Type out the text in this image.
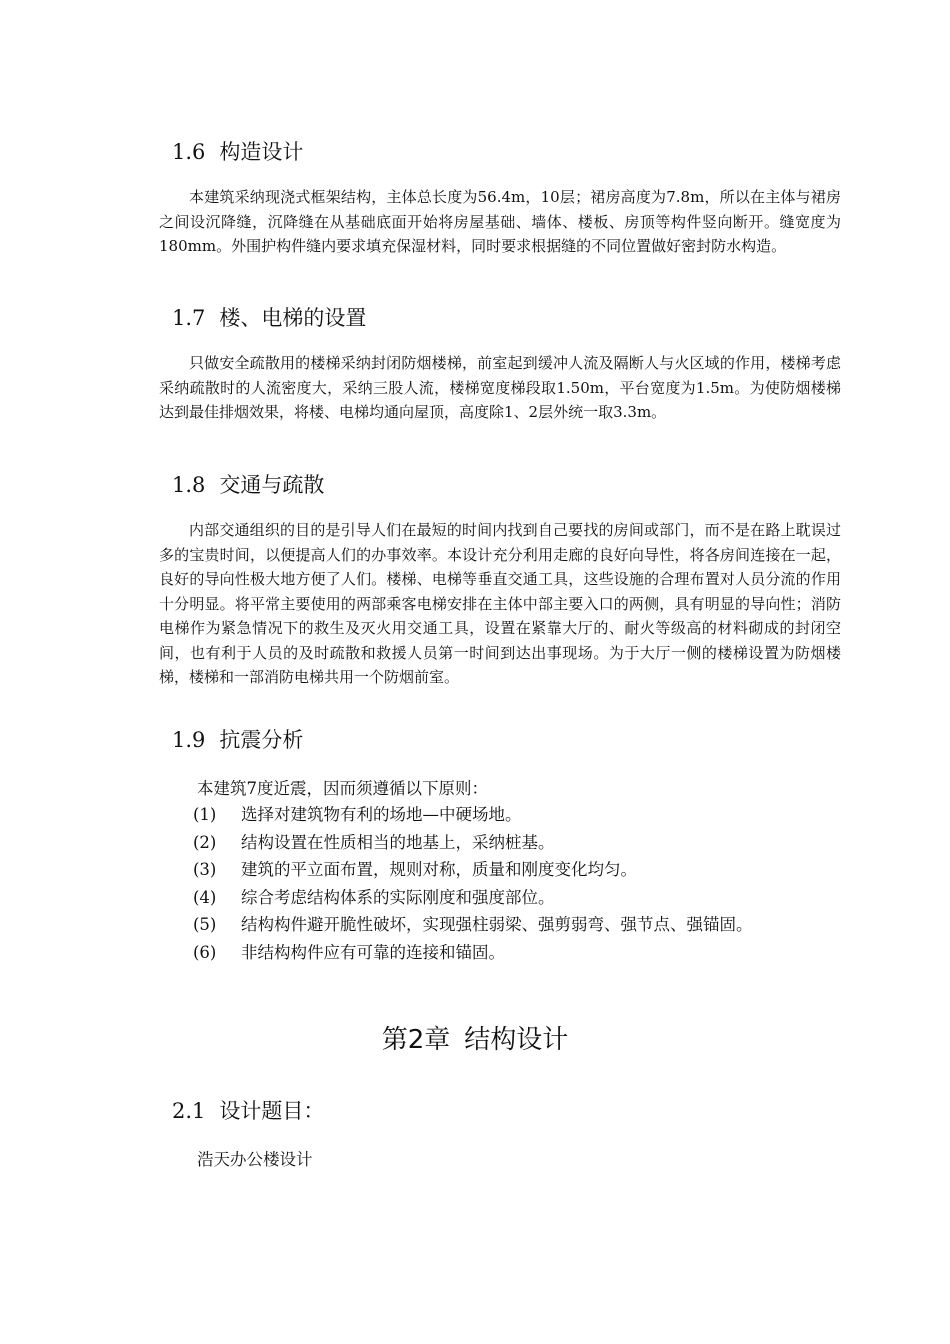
1.6 构造设计

本建筑采纳现浇式框架结构，主体总长度为56.4m，10层；裙房高度为7.8m，所以在主体与裙房之间设沉降缝，沉降缝在从基础底面开始将房屋基础、墙体、楼板、房顶等构件竖向断开。缝宽度为180mm。外围护构件缝内要求填充保湿材料，同时要求根据缝的不同位置做好密封防水构造。

1.7 楼、电梯的设置

只做安全疏散用的楼梯采纳封闭防烟楼梯，前室起到缓冲人流及隔断人与火区域的作用，楼梯考虑采纳疏散时的人流密度大，采纳三股人流，楼梯宽度梯段取1.50m，平台宽度为1.5m。为使防烟楼梯达到最佳排烟效果，将楼、电梯均通向屋顶，高度除1、2层外统一取3.3m。

1.8 交通与疏散

内部交通组织的目的是引导人们在最短的时间内找到自己要找的房间或部门，而不是在路上耽误过多的宝贵时间，以便提高人们的办事效率。本设计充分利用走廊的良好向导性，将各房间连接在一起，良好的导向性极大地方便了人们。楼梯、电梯等垂直交通工具，这些设施的合理布置对人员分流的作用十分明显。将平常主要使用的两部乘客电梯安排在主体中部主要入口的两侧，具有明显的导向性；消防电梯作为紧急情况下的救生及灭火用交通工具，设置在紧靠大厅的、耐火等级高的材料砌成的封闭空间，也有利于人员的及时疏散和救援人员第一时间到达出事现场。为于大厅一侧的楼梯设置为防烟楼梯，楼梯和一部消防电梯共用一个防烟前室。

1.9 抗震分析

本建筑7度近震，因而须遵循以下原则：

(1) 选择对建筑物有利的场地—中硬场地。
(2) 结构设置在性质相当的地基上，采纳桩基。
(3) 建筑的平立面布置，规则对称，质量和刚度变化均匀。
(4) 综合考虑结构体系的实际刚度和强度部位。
(5) 结构构件避开脆性破坏，实现强柱弱梁、强剪弱弯、强节点、强锚固。
(6) 非结构构件应有可靠的连接和锚固。
第2章 结构设计
2.1 设计题目：

浩天办公楼设计
